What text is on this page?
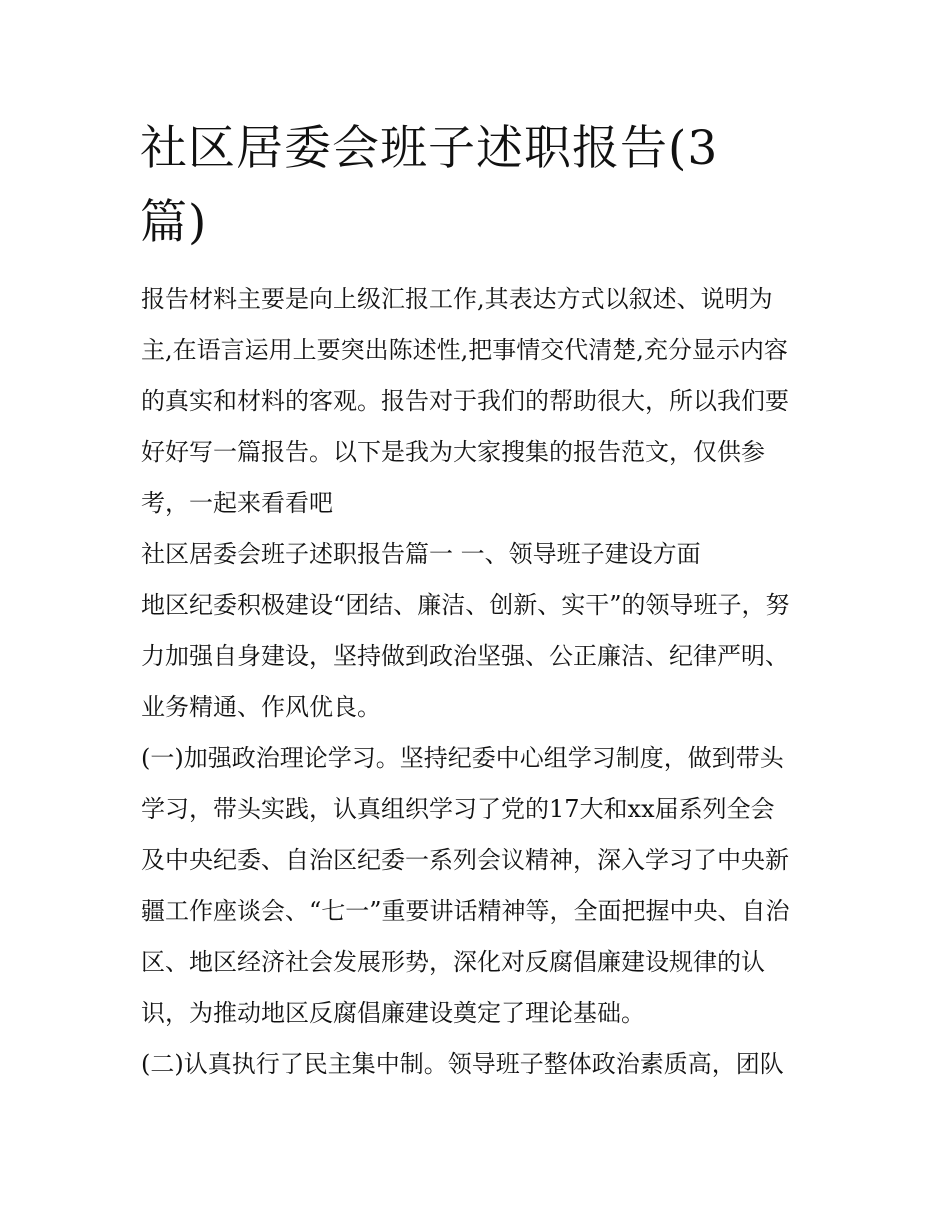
社区居委会班子述职报告(3
篇)
报告材料主要是向上级汇报工作,其表达方式以叙述、说明为
主,在语言运用上要突出陈述性,把事情交代清楚,充分显示内容
的真实和材料的客观。报告对于我们的帮助很大，所以我们要
好好写一篇报告。以下是我为大家搜集的报告范文，仅供参
考，一起来看看吧
社区居委会班子述职报告篇一 一、领导班子建设方面
地区纪委积极建设“团结、廉洁、创新、实干”的领导班子，努
力加强自身建设，坚持做到政治坚强、公正廉洁、纪律严明、
业务精通、作风优良。
(一)加强政治理论学习。坚持纪委中心组学习制度，做到带头
学习，带头实践，认真组织学习了党的17大和xx届系列全会
及中央纪委、自治区纪委一系列会议精神，深入学习了中央新
疆工作座谈会、“七一”重要讲话精神等，全面把握中央、自治
区、地区经济社会发展形势，深化对反腐倡廉建设规律的认
识，为推动地区反腐倡廉建设奠定了理论基础。
(二)认真执行了民主集中制。领导班子整体政治素质高，团队
